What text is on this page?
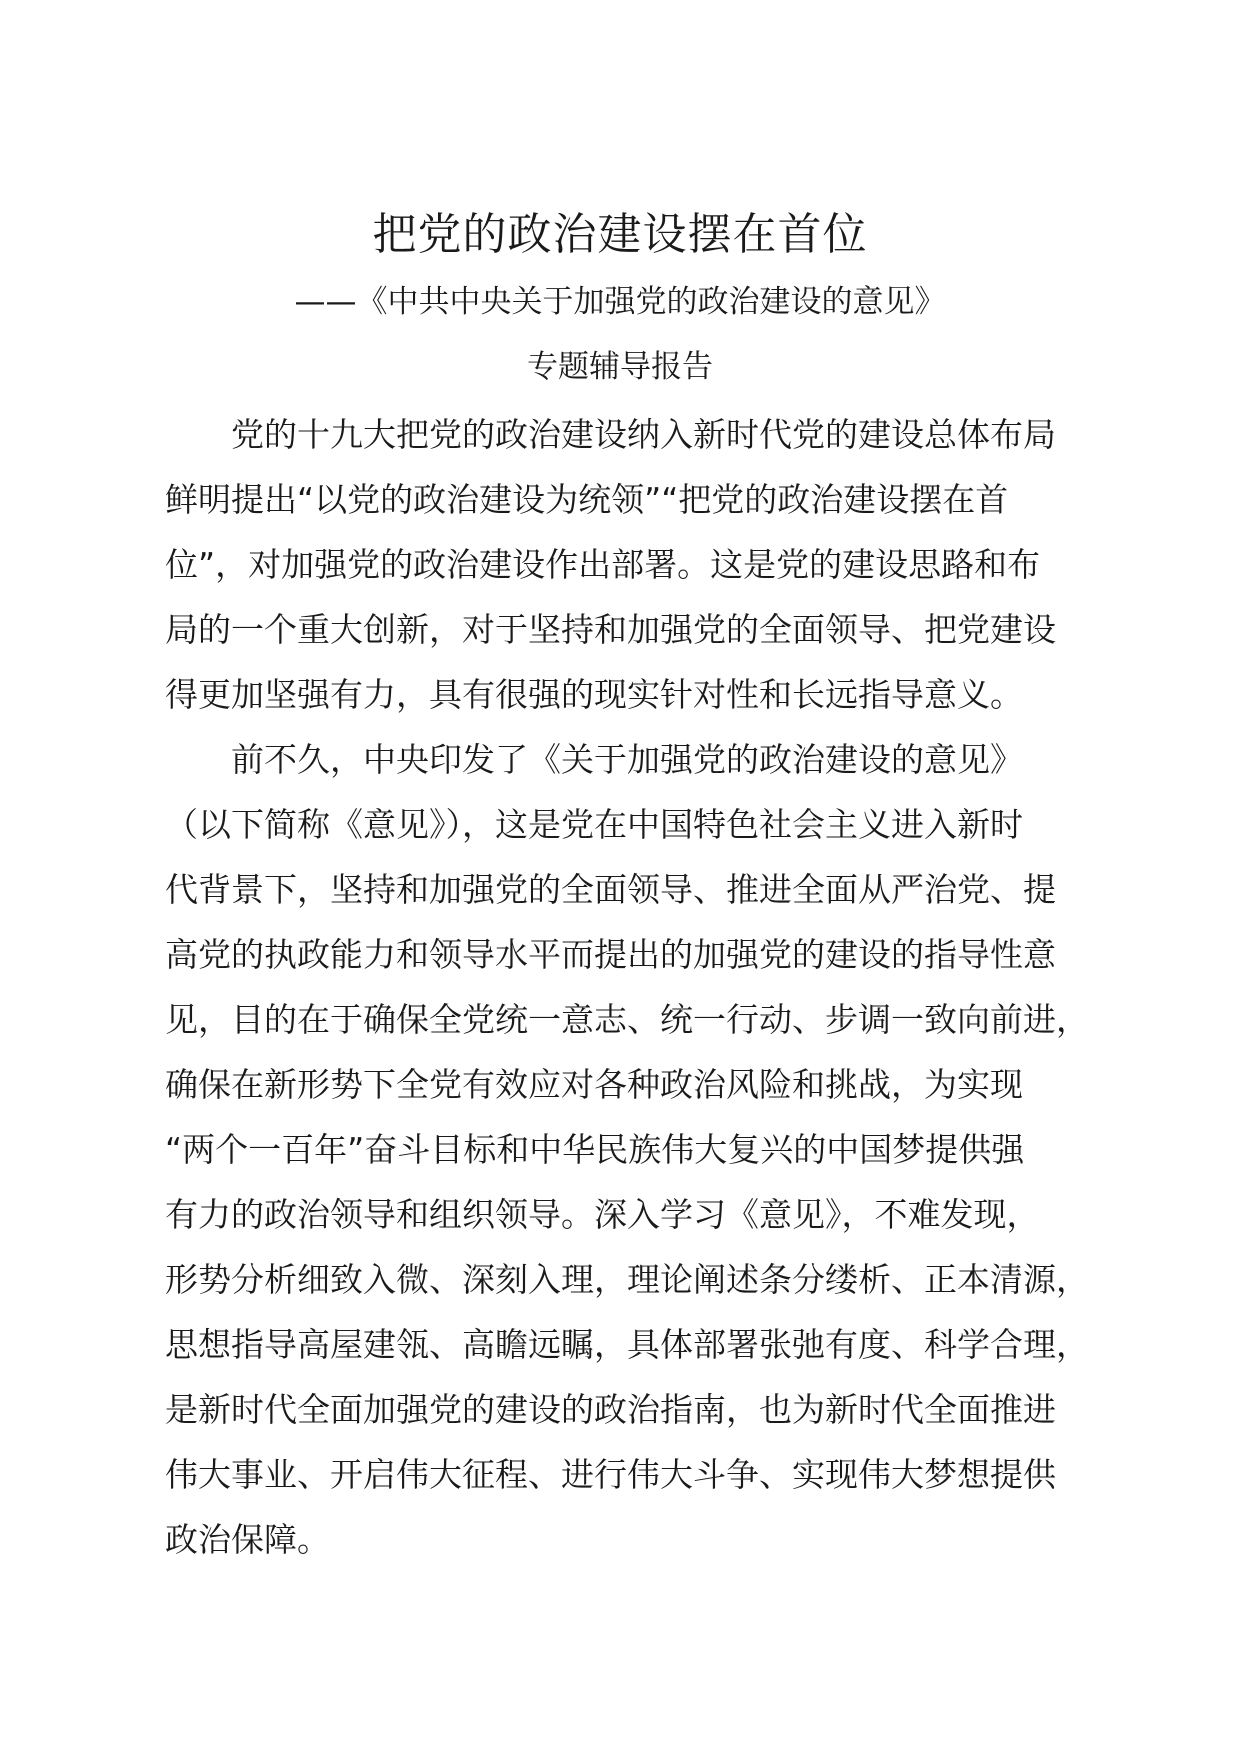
把党的政治建设摆在首位
——《中共中央关于加强党的政治建设的意见》
专题辅导报告
　　党的十九大把党的政治建设纳入新时代党的建设总体布局
鲜明提出“以党的政治建设为统领”“把党的政治建设摆在首
位”，对加强党的政治建设作出部署。这是党的建设思路和布
局的一个重大创新，对于坚持和加强党的全面领导、把党建设
得更加坚强有力，具有很强的现实针对性和长远指导意义。
　　前不久，中央印发了《关于加强党的政治建设的意见》
（以下简称《意见》），这是党在中国特色社会主义进入新时
代背景下，坚持和加强党的全面领导、推进全面从严治党、提
高党的执政能力和领导水平而提出的加强党的建设的指导性意
见，目的在于确保全党统一意志、统一行动、步调一致向前进，
确保在新形势下全党有效应对各种政治风险和挑战，为实现
“两个一百年”奋斗目标和中华民族伟大复兴的中国梦提供强
有力的政治领导和组织领导。深入学习《意见》，不难发现，
形势分析细致入微、深刻入理，理论阐述条分缕析、正本清源，
思想指导高屋建瓴、高瞻远瞩，具体部署张弛有度、科学合理，
是新时代全面加强党的建设的政治指南，也为新时代全面推进
伟大事业、开启伟大征程、进行伟大斗争、实现伟大梦想提供
政治保障。
